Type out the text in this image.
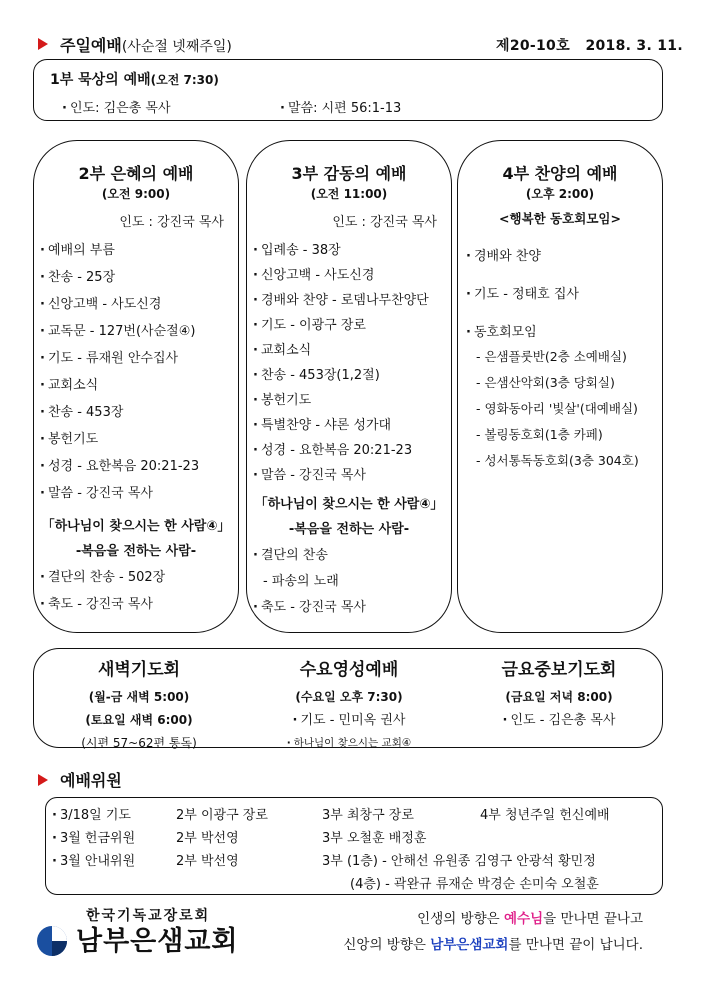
주일예배(사순절 넷째주일)	제20-10호 2018. 3. 11.
1부 묵상의 예배(오전 7:30)
· 인도: 김은총 목사	· 말씀: 시편 56:1-13
2부 은혜의 예배
(오전 9:00)
인도 : 강진국 목사
· 예배의 부름
· 찬송 - 25장
· 신앙고백 - 사도신경
· 교독문 - 127번(사순절④)
· 기도 - 류재원 안수집사
· 교회소식
· 찬송 - 453장
· 봉헌기도
· 성경 - 요한복음 20:21-23
· 말씀 - 강진국 목사
「하나님이 찾으시는 한 사람④」
-복음을 전하는 사람-
· 결단의 찬송 - 502장
· 축도 - 강진국 목사
3부 감동의 예배
(오전 11:00)
인도 : 강진국 목사
· 입례송 - 38장
· 신앙고백 - 사도신경
· 경배와 찬양 - 로뎀나무찬양단
· 기도 - 이광구 장로
· 교회소식
· 찬송 - 453장(1,2절)
· 봉헌기도
· 특별찬양 - 샤론 성가대
· 성경 - 요한복음 20:21-23
· 말씀 - 강진국 목사
「하나님이 찾으시는 한 사람④」
-복음을 전하는 사람-
· 결단의 찬송
- 파송의 노래
· 축도 - 강진국 목사
4부 찬양의 예배
(오후 2:00)
<행복한 동호회모임>
· 경배와 찬양
· 기도 - 정태호 집사
· 동호회모임
- 은샘플룻반(2층 소예배실)
- 은샘산악회(3층 당회실)
- 영화동아리 '빛살'(대예배실)
- 볼링동호회(1층 카페)
- 성서통독동호회(3층 304호)
새벽기도회
(월-금 새벽 5:00)
(토요일 새벽 6:00)
(시편 57~62편 통독)
수요영성예배
(수요일 오후 7:30)
· 기도 - 민미옥 권사
· 하나님이 찾으시는 교회④
금요중보기도회
(금요일 저녁 8:00)
· 인도 - 김은총 목사
예배위원
· 3/18일 기도	2부 이광구 장로	3부 최창구 장로	4부 청년주일 헌신예배
· 3월 헌금위원	2부 박선영	3부 오철훈 배정훈
· 3월 안내위원	2부 박선영	3부 (1층) - 안해선 유원종 김영구 안광석 황민정
(4층) - 곽완규 류재순 박경순 손미숙 오철훈
한국기독교장로회
남부은샘교회
인생의 방향은 예수님을 만나면 끝나고
신앙의 방향은 남부은샘교회를 만나면 끝이 납니다.
